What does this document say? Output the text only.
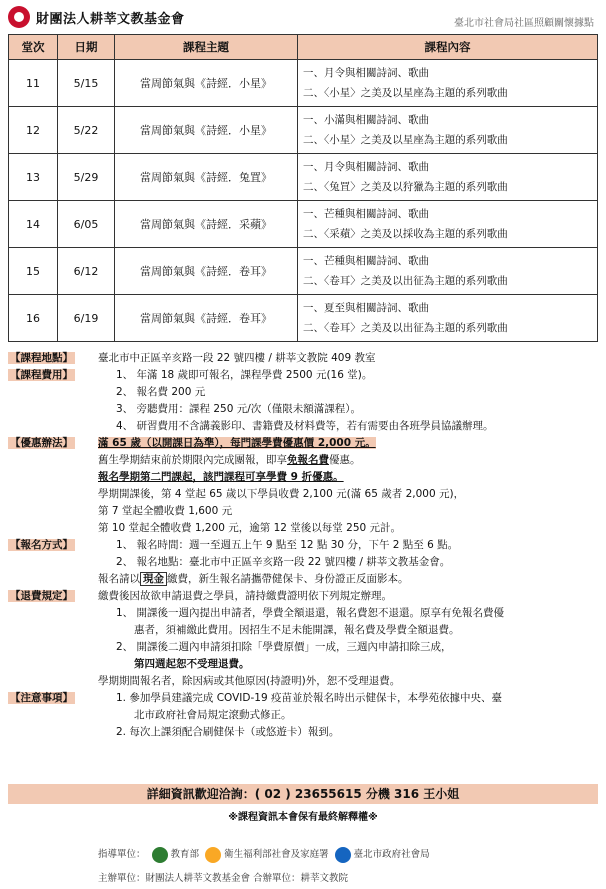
財團法人耕莘文教基金會	臺北市社會局社區照顧關懷據點
堂次	日期	課程主題	課程內容
11	5/15	當周節氣與《詩經．小星》	一、月令與相關詩詞、歌曲
二、〈小星〉之美及以星座為主題的系列歌曲

12	5/22	當周節氣與《詩經．小星》	一、小滿與相關詩詞、歌曲
二、〈小星〉之美及以星座為主題的系列歌曲

13	5/29	當周節氣與《詩經．兔罝》	一、月令與相關詩詞、歌曲
二、〈兔罝〉之美及以狩獵為主題的系列歌曲

14	6/05	當周節氣與《詩經．采蘋》	一、芒種與相關詩詞、歌曲
二、〈采蘋〉之美及以採收為主題的系列歌曲

15	6/12	當周節氣與《詩經．卷耳》	一、芒種與相關詩詞、歌曲
二、〈卷耳〉之美及以出征為主題的系列歌曲

16	6/19	當周節氣與《詩經．卷耳》	一、夏至與相關詩詞、歌曲
二、〈卷耳〉之美及以出征為主題的系列歌曲
【課程地點】	臺北市中正區辛亥路一段 22 號四樓 / 耕莘文教院 409 教室
【課程費用】	1、 年滿 18 歲即可報名，課程學費 2500 元(16 堂)。
2、 報名費 200 元
3、 旁聽費用：課程 250 元/次（僅限未額滿課程）。
4、 研習費用不含講義影印、書籍費及材料費等，若有需要由各班學員協議辦理。
【優惠辦法】	滿 65 歲（以開課日為準），每門課學費優惠價 2,000 元。
舊生學期結束前於期限內完成團報，即享免報名費優惠。
報名學期第二門課起，該門課程可享學費 9 折優惠。
學期開課後，第 4 堂起 65 歲以下學員收費 2,100 元(滿 65 歲者 2,000 元)，
第 7 堂起全體收費 1,600 元
第 10 堂起全體收費 1,200 元，逾第 12 堂後以每堂 250 元計。
【報名方式】	1、 報名時間：週一至週五上午 9 點至 12 點 30 分，下午 2 點至 6 點。
2、 報名地點：臺北市中正區辛亥路一段 22 號四樓 / 耕莘文教基金會。
報名請以 現金 繳費，新生報名請攜帶健保卡、身份證正反面影本。
【退費規定】	繳費後因故欲申請退費之學員，請持繳費證明依下列規定辦理。
1、 開課後一週內提出申請者，學費全額退還，報名費恕不退還。原享有免報名費優
惠者，須補繳此費用。因招生不足未能開課，報名費及學費全額退費。
2、 開課後二週內申請須扣除「學費原價」一成，三週內申請扣除三成，
第四週起恕不受理退費。
學期期間報名者，除因病或其他原因(持證明)外，恕不受理退費。
【注意事項】	1. 參加學員建議完成 COVID-19 疫苗並於報名時出示健保卡，本學苑依據中央、臺
北市政府社會局規定滾動式修正。
2. 每次上課須配合刷健保卡（或悠遊卡）報到。
詳細資訊歡迎洽詢：( 02 ) 23655615 分機 316 王小姐
※課程資訊本會保有最終解釋權※
指導單位：	教育部	衛生福利部社會及家庭署	臺北市政府社會局
主辦單位：財團法人耕莘文教基金會 合辦單位：耕莘文教院
